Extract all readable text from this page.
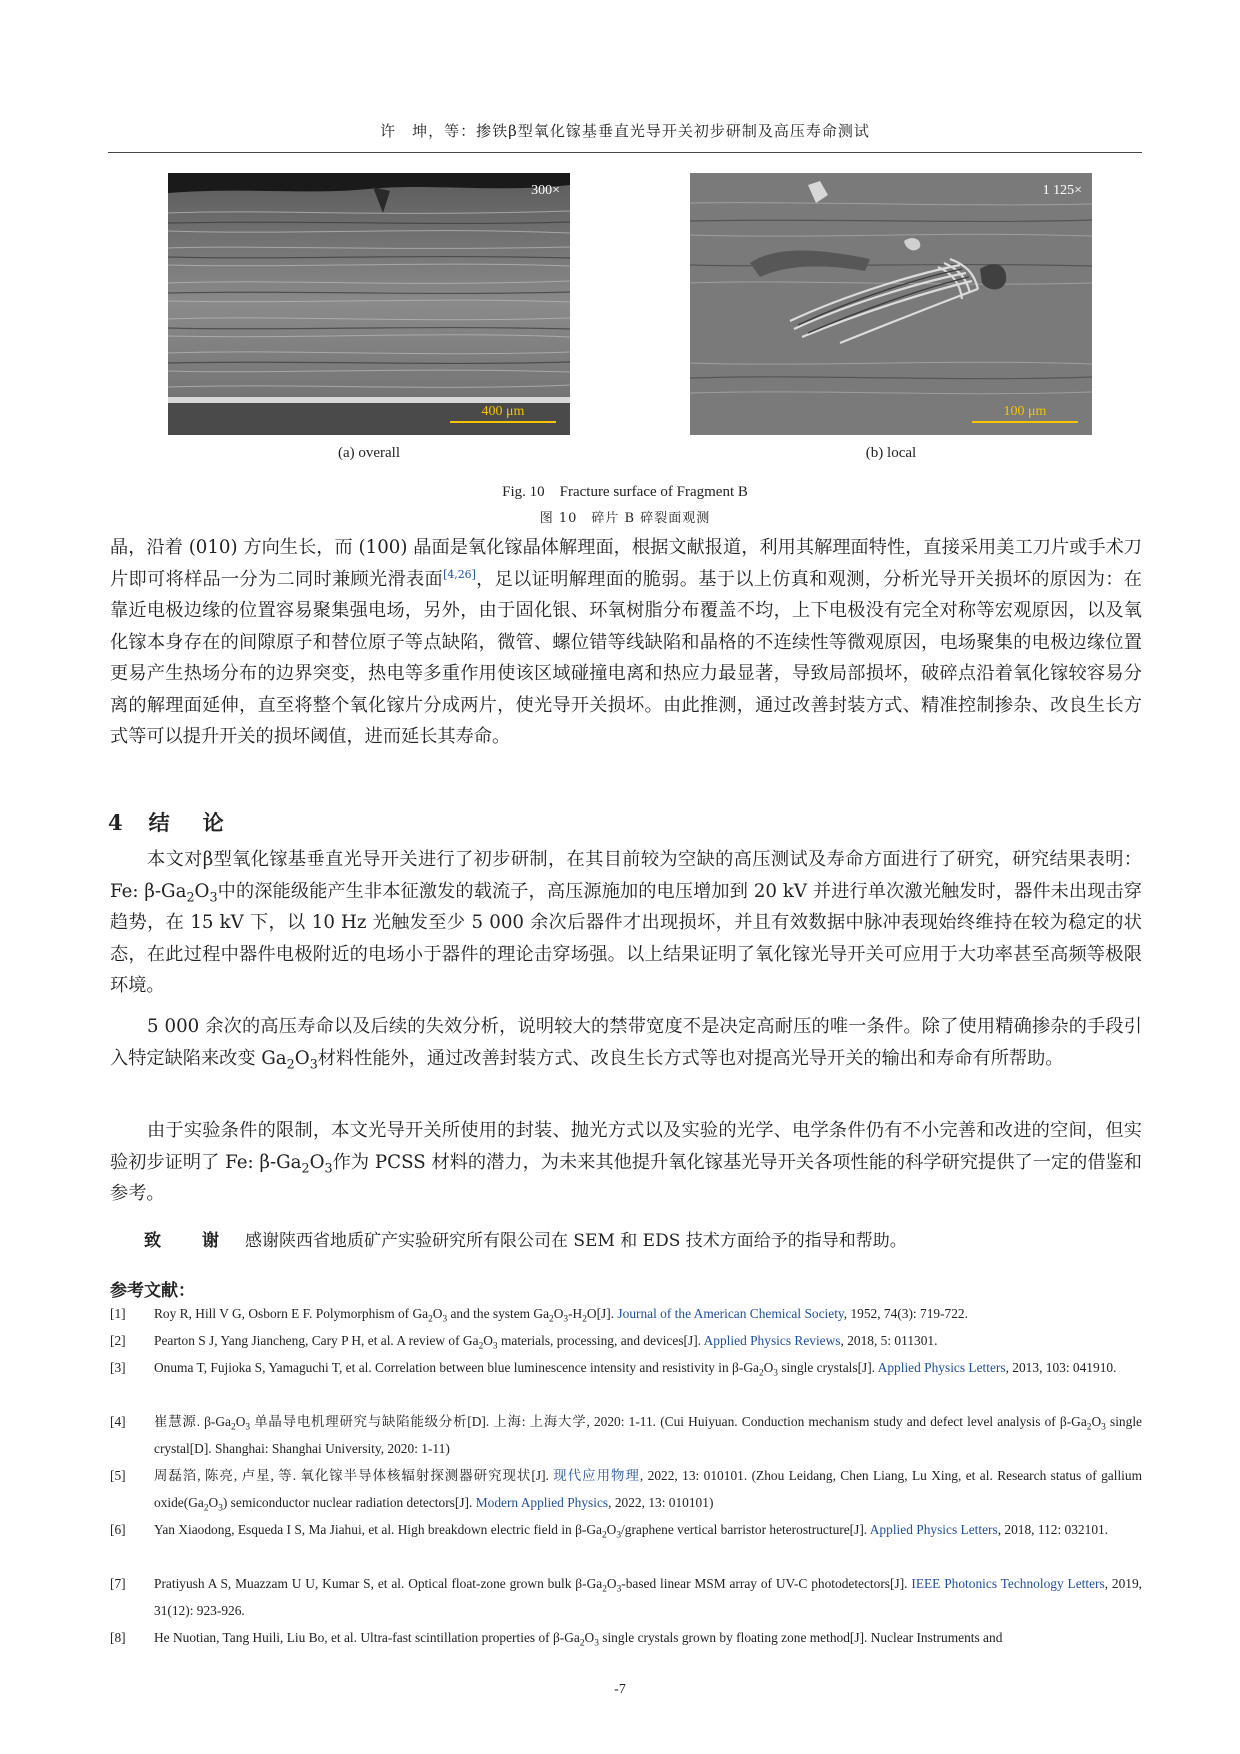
许　坤，等：掺铁β型氧化镓基垂直光导开关初步研制及高压寿命测试
300×
400 μm
(a) overall
1 125×
100 μm
(b) local
Fig. 10　Fracture surface of Fragment B
图 10　碎片 B 碎裂面观测

晶，沿着 (010) 方向生长，而 (100) 晶面是氧化镓晶体解理面，根据文献报道，利用其解理面特性，直接采用美工刀片或手术刀片即可将样品一分为二同时兼顾光滑表面[4,26]，足以证明解理面的脆弱。基于以上仿真和观测，分析光导开关损坏的原因为：在靠近电极边缘的位置容易聚集强电场，另外，由于固化银、环氧树脂分布覆盖不均，上下电极没有完全对称等宏观原因，以及氧化镓本身存在的间隙原子和替位原子等点缺陷，微管、螺位错等线缺陷和晶格的不连续性等微观原因，电场聚集的电极边缘位置更易产生热场分布的边界突变，热电等多重作用使该区域碰撞电离和热应力最显著，导致局部损坏，破碎点沿着氧化镓较容易分离的解理面延伸，直至将整个氧化镓片分成两片，使光导开关损坏。由此推测，通过改善封装方式、精准控制掺杂、改良生长方式等可以提升开关的损坏阈值，进而延长其寿命。

4 结　论

本文对β型氧化镓基垂直光导开关进行了初步研制，在其目前较为空缺的高压测试及寿命方面进行了研究，研究结果表明：Fe: $\beta-Ga_2O_3$中的深能级能产生非本征激发的载流子，高压源施加的电压增加到 20 kV 并进行单次激光触发时，器件未出现击穿趋势，在 15 kV 下，以 10 Hz 光触发至少 5 000 余次后器件才出现损坏，并且有效数据中脉冲表现始终维持在较为稳定的状态，在此过程中器件电极附近的电场小于器件的理论击穿场强。以上结果证明了氧化镓光导开关可应用于大功率甚至高频等极限环境。

5 000 余次的高压寿命以及后续的失效分析，说明较大的禁带宽度不是决定高耐压的唯一条件。除了使用精确掺杂的手段引入特定缺陷来改变 $Ga_2O_3$材料性能外，通过改善封装方式、改良生长方式等也对提高光导开关的输出和寿命有所帮助。

由于实验条件的限制，本文光导开关所使用的封装、抛光方式以及实验的光学、电学条件仍有不小完善和改进的空间，但实验初步证明了 Fe: $\beta-Ga_2O_3$作为 PCSS 材料的潜力，为未来其他提升氧化镓基光导开关各项性能的科学研究提供了一定的借鉴和参考。

致　谢 感谢陕西省地质矿产实验研究所有限公司在 SEM 和 EDS 技术方面给予的指导和帮助。
参考文献：
[1] Roy R, Hill V G, Osborn E F. Polymorphism of $Ga_2O_3$ and the system $Ga_2O_3-H_2O[J]$. Journal of the American Chemical Society, 1952, 74(3): 719-722.
[2] Pearton S J, Yang Jiancheng, Cary P H, et al. A review of $Ga_2O_3$ materials, processing, and devices[J]. Applied Physics Reviews, 2018, 5: 011301.
[3] Onuma T, Fujioka S, Yamaguchi T, et al. Correlation between blue luminescence intensity and resistivity in $\beta-Ga_2O_3$ single crystals[J]. Applied Physics Letters, 2013, 103: 041910.
[4] 崔慧源. $\beta-Ga_2O_3$ 单晶导电机理研究与缺陷能级分析[D]. 上海: 上海大学, 2020: 1-11. (Cui Huiyuan. Conduction mechanism study and defect level analysis of $\beta-Ga_2O_3$ single crystal[D]. Shanghai: Shanghai University, 2020: 1-11)
[5] 周磊箔, 陈亮, 卢星, 等. 氧化镓半导体核辐射探测器研究现状[J]. 现代应用物理, 2022, 13: 010101. (Zhou Leidang, Chen Liang, Lu Xing, et al. Research status of gallium $oxide(Ga_2O_3)$ semiconductor nuclear radiation detectors[J]. Modern Applied Physics, 2022, 13: 010101)
[6] Yan Xiaodong, Esqueda I S, Ma Jiahui, et al. High breakdown electric field in $\beta-Ga_2O_3$/graphene vertical barristor heterostructure[J]. Applied Physics Letters, 2018, 112: 032101.
[7] Pratiyush A S, Muazzam U U, Kumar S, et al. Optical float-zone grown bulk $\beta-Ga_2O_3$-based linear MSM array of UV-C photodetectors[J]. IEEE Photonics Technology Letters, 2019, 31(12): 923-926.
[8] He Nuotian, Tang Huili, Liu Bo, et al. Ultra-fast scintillation properties of $\beta-Ga_2O_3$ single crystals grown by floating zone method[J]. Nuclear Instruments and
-7
